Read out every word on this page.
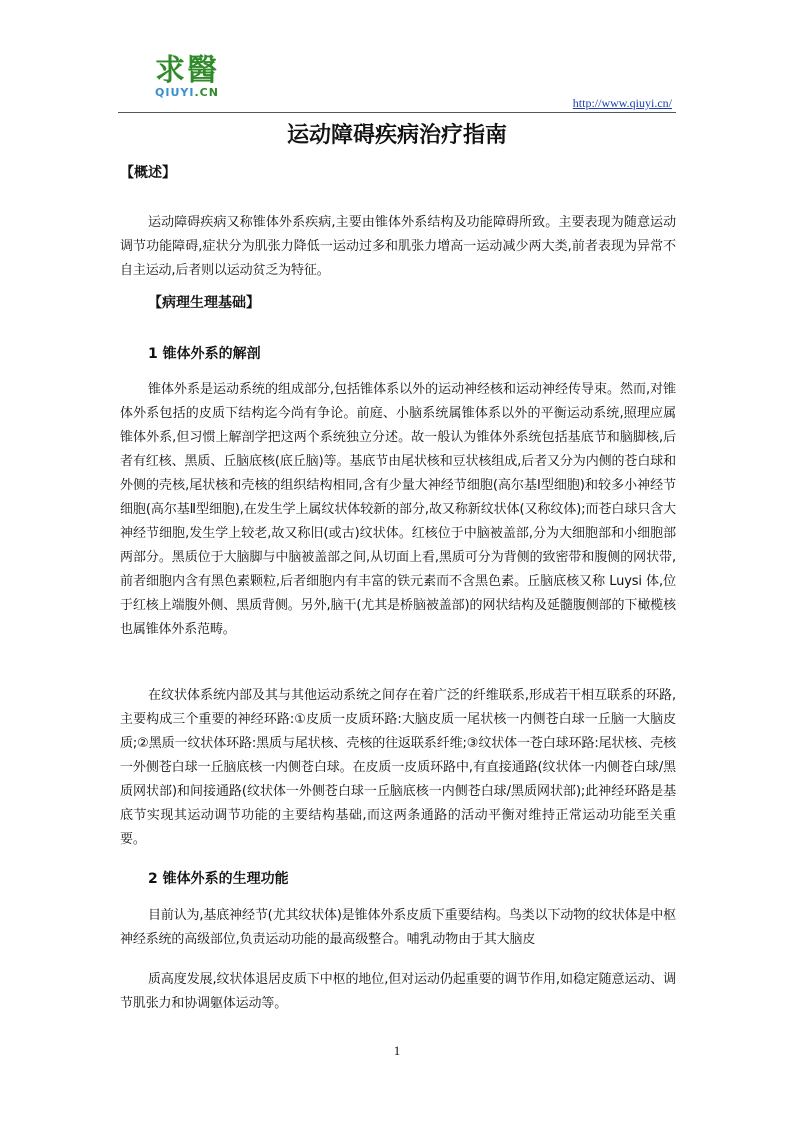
求醫
QIUYI.CN
http://www.qiuyi.cn/
运动障碍疾病治疗指南
【概述】

运动障碍疾病又称锥体外系疾病,主要由锥体外系结构及功能障碍所致。主要表现为随意运动调节功能障碍,症状分为肌张力降低一运动过多和肌张力增高一运动减少两大类,前者表现为异常不自主运动,后者则以运动贫乏为特征。

【病理生理基础】
1 锥体外系的解剖

锥体外系是运动系统的组成部分,包括锥体系以外的运动神经核和运动神经传导束。然而,对锥体外系包括的皮质下结构迄今尚有争论。前庭、小脑系统属锥体系以外的平衡运动系统,照理应属锥体外系,但习惯上解剖学把这两个系统独立分述。故一般认为锥体外系统包括基底节和脑脚核,后者有红核、黑质、丘脑底核(底丘脑)等。基底节由尾状核和豆状核组成,后者又分为内侧的苍白球和外侧的壳核,尾状核和壳核的组织结构相同,含有少量大神经节细胞(高尔基Ⅰ型细胞)和较多小神经节细胞(高尔基Ⅱ型细胞),在发生学上属纹状体较新的部分,故又称新纹状体(又称纹体);而苍白球只含大神经节细胞,发生学上较老,故又称旧(或古)纹状体。红核位于中脑被盖部,分为大细胞部和小细胞部两部分。黑质位于大脑脚与中脑被盖部之间,从切面上看,黑质可分为背侧的致密带和腹侧的网状带,前者细胞内含有黑色素颗粒,后者细胞内有丰富的铁元素而不含黑色素。丘脑底核又称 Luysi 体,位于红核上端腹外侧、黑质背侧。另外,脑干(尤其是桥脑被盖部)的网状结构及延髓腹侧部的下橄榄核也属锥体外系范畴。

在纹状体系统内部及其与其他运动系统之间存在着广泛的纤维联系,形成若干相互联系的环路,主要构成三个重要的神经环路:①皮质一皮质环路:大脑皮质一尾状核一内侧苍白球一丘脑一大脑皮质;②黑质一纹状体环路:黑质与尾状核、壳核的往返联系纤维;③纹状体一苍白球环路:尾状核、壳核一外侧苍白球一丘脑底核一内侧苍白球。在皮质一皮质环路中,有直接通路(纹状体一内侧苍白球/黑质网状部)和间接通路(纹状体一外侧苍白球一丘脑底核一内侧苍白球/黑质网状部);此神经环路是基底节实现其运动调节功能的主要结构基础,而这两条通路的活动平衡对维持正常运动功能至关重要。

2 锥体外系的生理功能

目前认为,基底神经节(尤其纹状体)是锥体外系皮质下重要结构。鸟类以下动物的纹状体是中枢神经系统的高级部位,负责运动功能的最高级整合。哺乳动物由于其大脑皮

质高度发展,纹状体退居皮质下中枢的地位,但对运动仍起重要的调节作用,如稳定随意运动、调节肌张力和协调躯体运动等。

1
